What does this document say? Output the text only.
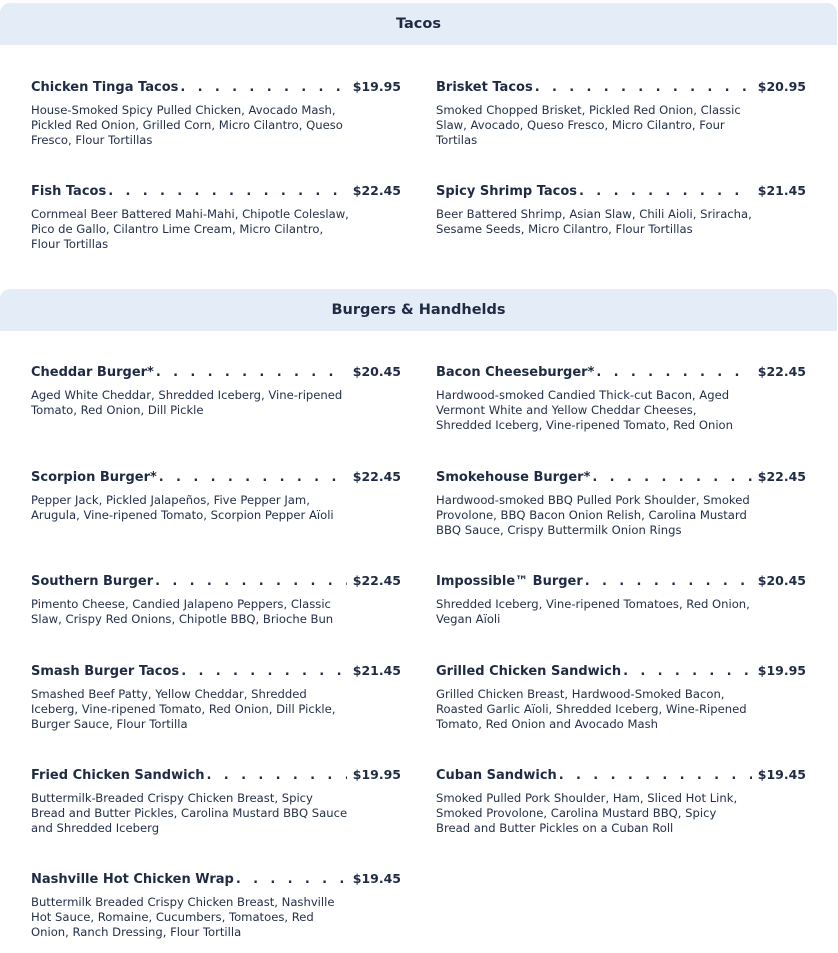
Tacos
Chicken Tinga Tacos . . .	$19.95
House-Smoked Spicy Pulled Chicken, Avocado Mash, Pickled Red Onion, Grilled Corn, Micro Cilantro, Queso Fresco, Flour Tortillas
Brisket Tacos . . .	$20.95
Smoked Chopped Brisket, Pickled Red Onion, Classic Slaw, Avocado, Queso Fresco, Micro Cilantro, Four Tortilas
Fish Tacos . . .	$22.45
Cornmeal Beer Battered Mahi-Mahi, Chipotle Coleslaw, Pico de Gallo, Cilantro Lime Cream, Micro Cilantro, Flour Tortillas
Spicy Shrimp Tacos . . .	$21.45
Beer Battered Shrimp, Asian Slaw, Chili Aioli, Sriracha, Sesame Seeds, Micro Cilantro, Flour Tortillas
Burgers & Handhelds
Cheddar Burger* . . .	$20.45
Aged White Cheddar, Shredded Iceberg, Vine-ripened Tomato, Red Onion, Dill Pickle
Bacon Cheeseburger* . . .	$22.45
Hardwood-smoked Candied Thick-cut Bacon, Aged Vermont White and Yellow Cheddar Cheeses, Shredded Iceberg, Vine-ripened Tomato, Red Onion
Scorpion Burger* . . .	$22.45
Pepper Jack, Pickled Jalapeños, Five Pepper Jam, Arugula, Vine-ripened Tomato, Scorpion Pepper Aïoli
Smokehouse Burger* . . .	$22.45
Hardwood-smoked BBQ Pulled Pork Shoulder, Smoked Provolone, BBQ Bacon Onion Relish, Carolina Mustard BBQ Sauce, Crispy Buttermilk Onion Rings
Southern Burger . . .	$22.45
Pimento Cheese, Candied Jalapeno Peppers, Classic Slaw, Crispy Red Onions, Chipotle BBQ, Brioche Bun
Impossible™ Burger . . .	$20.45
Shredded Iceberg, Vine-ripened Tomatoes, Red Onion, Vegan Aïoli
Smash Burger Tacos . . .	$21.45
Smashed Beef Patty, Yellow Cheddar, Shredded Iceberg, Vine-ripened Tomato, Red Onion, Dill Pickle, Burger Sauce, Flour Tortilla
Grilled Chicken Sandwich . . .	$19.95
Grilled Chicken Breast, Hardwood-Smoked Bacon, Roasted Garlic Aïoli, Shredded Iceberg, Wine-Ripened Tomato, Red Onion and Avocado Mash
Fried Chicken Sandwich . . .	$19.95
Buttermilk-Breaded Crispy Chicken Breast, Spicy Bread and Butter Pickles, Carolina Mustard BBQ Sauce and Shredded Iceberg
Cuban Sandwich . . .	$19.45
Smoked Pulled Pork Shoulder, Ham, Sliced Hot Link, Smoked Provolone, Carolina Mustard BBQ, Spicy Bread and Butter Pickles on a Cuban Roll
Nashville Hot Chicken Wrap . . .	$19.45
Buttermilk Breaded Crispy Chicken Breast, Nashville Hot Sauce, Romaine, Cucumbers, Tomatoes, Red Onion, Ranch Dressing, Flour Tortilla
